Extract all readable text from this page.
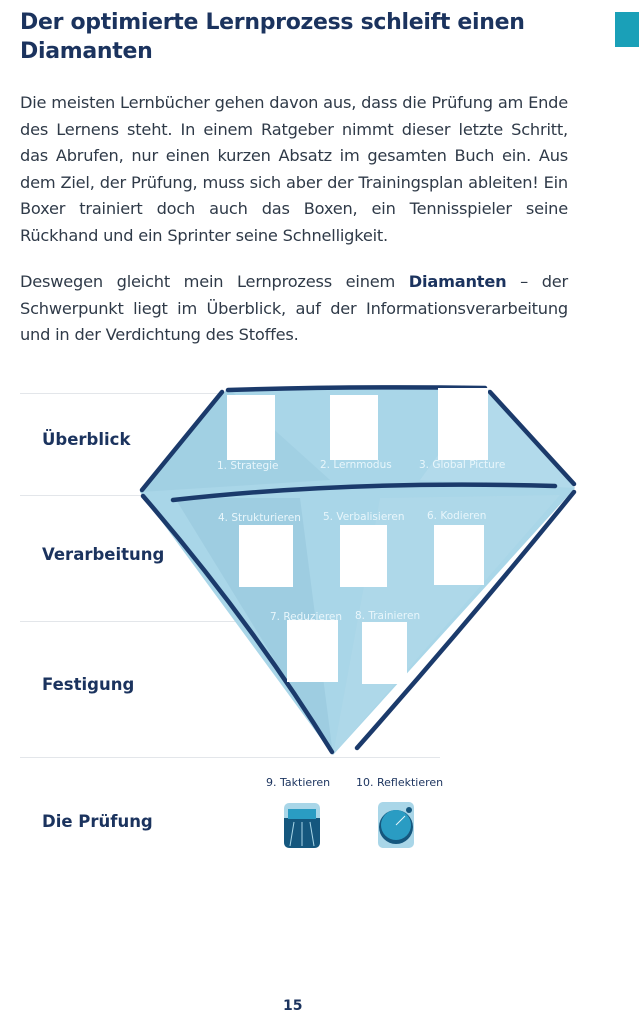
Der optimierte Lernprozess schleift einen Diamanten

Die meisten Lernbücher gehen davon aus, dass die Prüfung am Ende des Lernens steht. In einem Ratgeber nimmt dieser letzte Schritt, das Abrufen, nur einen kurzen Absatz im gesamten Buch ein. Aus dem Ziel, der Prüfung, muss sich aber der Trainingsplan ableiten! Ein Boxer trainiert doch auch das Boxen, ein Tennisspieler seine Rückhand und ein Sprinter seine Schnelligkeit.

Deswegen gleicht mein Lernprozess einem Diamanten – der Schwerpunkt liegt im Überblick, auf der Informationsverarbeitung und in der Verdichtung des Stoffes.

Überblick
Verarbeitung
Festigung
Die Prüfung
1. Strategie	2. Lernmodus	3. Global Picture
4. Strukturieren 5. Verbalisieren 6. Kodieren
7. Reduzieren 8. Trainieren
9. Taktieren 10. Reflektieren
15
